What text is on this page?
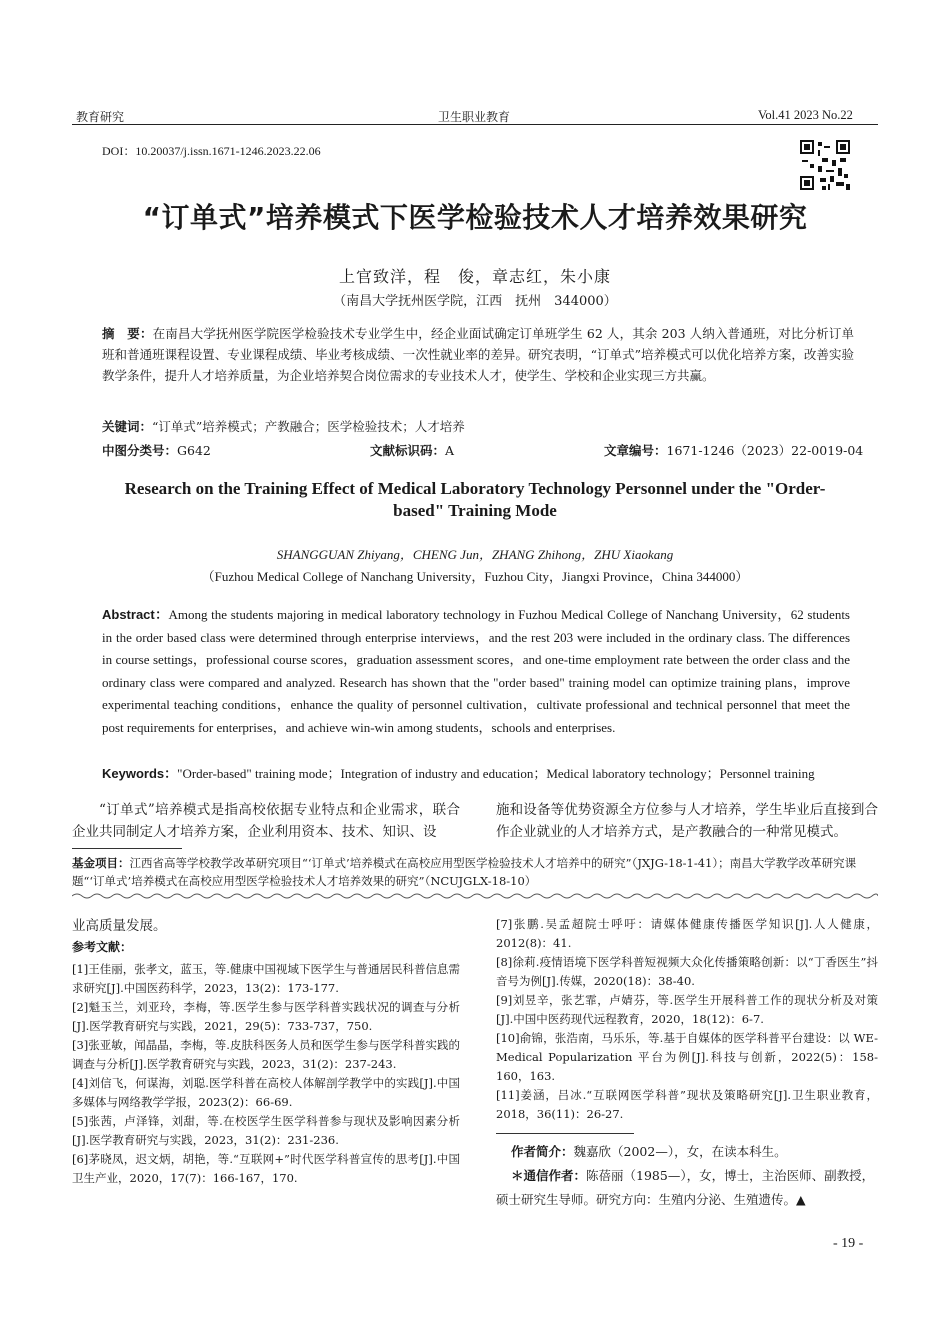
教育研究	卫生职业教育	Vol.41 2023 No.22
DOI：10.20037/j.issn.1671-1246.2023.22.06
“订单式”培养模式下医学检验技术人才培养效果研究
上官致洋，程　俊，章志红，朱小康
（南昌大学抚州医学院，江西　抚州　344000）
摘　要：在南昌大学抚州医学院医学检验技术专业学生中，经企业面试确定订单班学生 62 人，其余 203 人纳入普通班，对比分析订单班和普通班课程设置、专业课程成绩、毕业考核成绩、一次性就业率的差异。研究表明，“订单式”培养模式可以优化培养方案，改善实验教学条件，提升人才培养质量，为企业培养契合岗位需求的专业技术人才，使学生、学校和企业实现三方共赢。
关键词：“订单式”培养模式；产教融合；医学检验技术；人才培养
中图分类号：G642	文献标识码：A	文章编号：1671-1246（2023）22-0019-04
Research on the Training Effect of Medical Laboratory Technology Personnel under the "Order-based" Training Mode
SHANGGUAN Zhiyang，CHENG Jun，ZHANG Zhihong，ZHU Xiaokang
（Fuzhou Medical College of Nanchang University，Fuzhou City，Jiangxi Province，China 344000）
Abstract：Among the students majoring in medical laboratory technology in Fuzhou Medical College of Nanchang University，62 students in the order based class were determined through enterprise interviews，and the rest 203 were included in the ordinary class. The differences in course settings，professional course scores，graduation assessment scores，and one-time employment rate between the order class and the ordinary class were compared and analyzed. Research has shown that the "order based" training model can optimize training plans，improve experimental teaching conditions，enhance the quality of personnel cultivation，cultivate professional and technical personnel that meet the post requirements for enterprises，and achieve win-win among students，schools and enterprises.
Keywords："Order-based" training mode；Integration of industry and education；Medical laboratory technology；Personnel training
“订单式”培养模式是指高校依据专业特点和企业需求，联合企业共同制定人才培养方案，企业利用资本、技术、知识、设
施和设备等优势资源全方位参与人才培养，学生毕业后直接到合作企业就业的人才培养方式，是产教融合的一种常见模式。
基金项目：江西省高等学校教学改革研究项目“‘订单式’培养模式在高校应用型医学检验技术人才培养中的研究”（JXJG-18-1-41）；南昌大学教学改革研究课题“‘订单式’培养模式在高校应用型医学检验技术人才培养效果的研究”（NCUJGLX-18-10）
业高质量发展。
参考文献：
[1]王佳丽，张孝文，蓝玉，等.健康中国视域下医学生与普通居民科普信息需求研究[J].中国医药科学，2023，13(2)：173-177.
[2]魁玉兰，刘亚玲，李梅，等.医学生参与医学科普实践状况的调查与分析[J].医学教育研究与实践，2021，29(5)：733-737，750.
[3]张亚敏，闻晶晶，李梅，等.皮肤科医务人员和医学生参与医学科普实践的调查与分析[J].医学教育研究与实践，2023，31(2)：237-243.
[4]刘信飞，何谋海，刘聪.医学科普在高校人体解剖学教学中的实践[J].中国多媒体与网络教学学报，2023(2)：66-69.
[5]张茜，卢泽锋，刘甜，等.在校医学生医学科普参与现状及影响因素分析[J].医学教育研究与实践，2023，31(2)：231-236.
[6]茅晓凤，迟文炳，胡艳，等.“互联网+”时代医学科普宣传的思考[J].中国卫生产业，2020，17(7)：166-167，170.
[7]张鹏.吴孟超院士呼吁：请媒体健康传播医学知识[J].人人健康，2012(8)：41.
[8]徐莉.疫情语境下医学科普短视频大众化传播策略创新：以“丁香医生”抖音号为例[J].传媒，2020(18)：38-40.
[9]刘昱辛，张艺霏，卢婧芬，等.医学生开展科普工作的现状分析及对策[J].中国中医药现代远程教育，2020，18(12)：6-7.
[10]俞锦，张浩南，马乐乐，等.基于自媒体的医学科普平台建设：以 WE-Medical Popularization 平台为例[J].科技与创新，2022(5)：158-160，163.
[11]姜涵，吕冰.“互联网医学科普”现状及策略研究[J].卫生职业教育，2018，36(11)：26-27.
作者简介：魏嘉欣（2002—），女，在读本科生。
＊通信作者：陈蓓丽（1985—），女，博士，主治医师、副教授，硕士研究生导师。研究方向：生殖内分泌、生殖遗传。▲
- 19 -
